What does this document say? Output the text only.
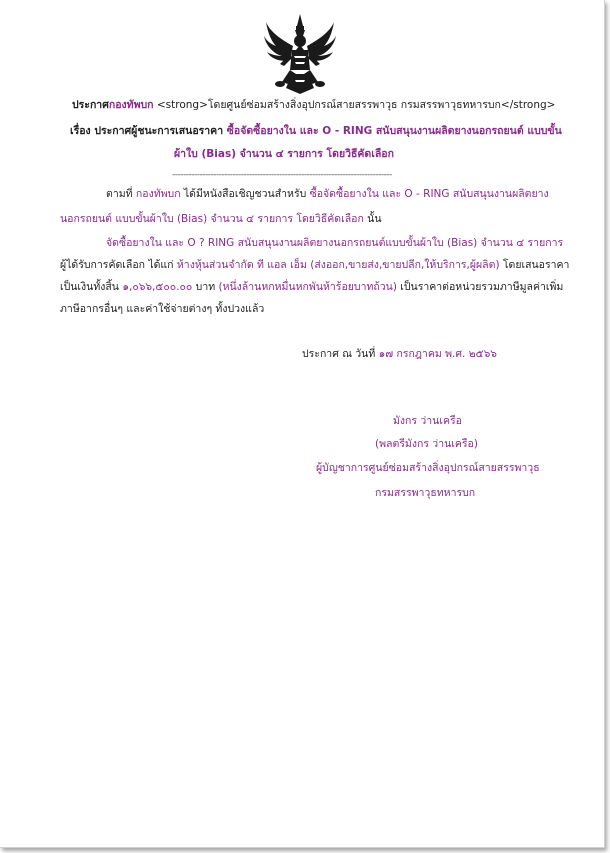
ประกาศกองทัพบก <strong>โดยศูนย์ซ่อมสร้างสิ่งอุปกรณ์สายสรรพาวุธ กรมสรรพาวุธทหารบก</strong>
เรื่อง ประกาศผู้ชนะการเสนอราคา ซื้อจัดซื้อยางใน และ O - RING สนับสนุนงานผลิตยางนอกรถยนต์ แบบขั้น
ผ้าใบ (Bias) จำนวน ๔ รายการ โดยวิธีคัดเลือก
--------------------------------------------------------------------------------
ตามที่ กองทัพบก ได้มีหนังสือเชิญชวนสำหรับ ซื้อจัดซื้อยางใน และ O - RING สนับสนุนงานผลิตยาง
นอกรถยนต์ แบบขั้นผ้าใบ (Bias) จำนวน ๔ รายการ โดยวิธีคัดเลือก นั้น
จัดซื้อยางใน และ O ? RING สนับสนุนงานผลิตยางนอกรถยนต์แบบขั้นผ้าใบ (Bias) จำนวน ๔ รายการ
ผู้ได้รับการคัดเลือก ได้แก่ ห้างหุ้นส่วนจำกัด ที แอล เอ็ม (ส่งออก,ขายส่ง,ขายปลีก,ให้บริการ,ผู้ผลิต) โดยเสนอราคา
เป็นเงินทั้งสิ้น ๑,๐๖๖,๕๐๐.๐๐ บาท (หนึ่งล้านหกหมื่นหกพันห้าร้อยบาทถ้วน) เป็นราคาต่อหน่วยรวมภาษีมูลค่าเพิ่ม
ภาษีอากรอื่นๆ และค่าใช้จ่ายต่างๆ ทั้งปวงแล้ว
ประกาศ ณ วันที่ ๑๗ กรกฎาคม พ.ศ. ๒๕๖๖
มังกร ว่านเครือ
(พลตรีมังกร ว่านเครือ)
ผู้บัญชาการศูนย์ซ่อมสร้างสิ่งอุปกรณ์สายสรรพาวุธ
กรมสรรพาวุธทหารบก
